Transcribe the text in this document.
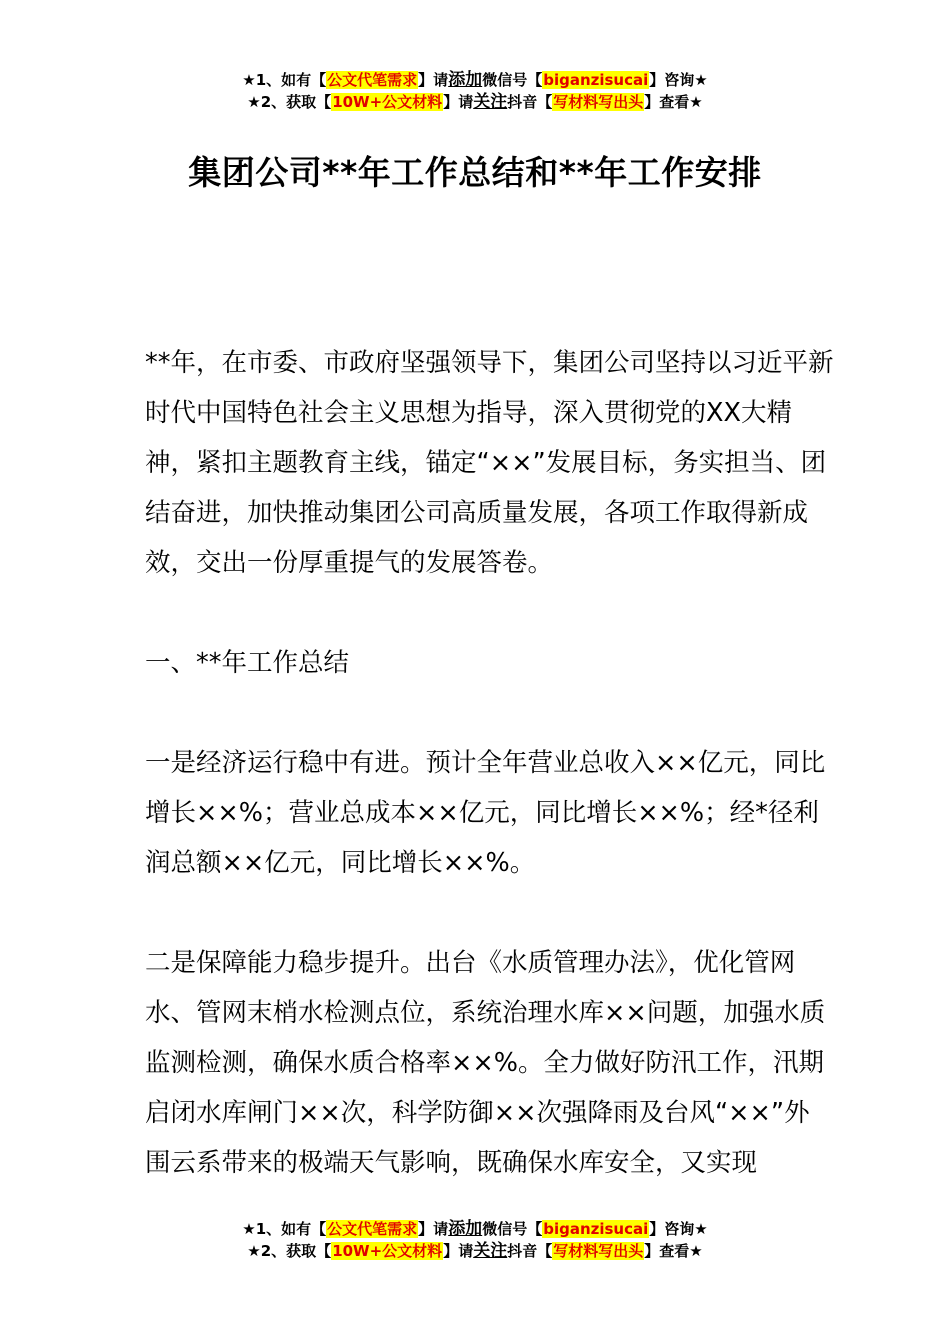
★1、如有【公文代笔需求】请添加微信号【biganzisucai】咨询★
★2、获取【10W+公文材料】请关注抖音【写材料写出头】查看★
集团公司**年工作总结和**年工作安排

**年，在市委、市政府坚强领导下，集团公司坚持以习近平新时代中国特色社会主义思想为指导，深入贯彻党的XX大精神，紧扣主题教育主线，锚定“××”发展目标，务实担当、团结奋进，加快推动集团公司高质量发展，各项工作取得新成效，交出一份厚重提气的发展答卷。

一、**年工作总结

一是经济运行稳中有进。预计全年营业总收入××亿元，同比增长××%；营业总成本××亿元，同比增长××%；经*径利润总额××亿元，同比增长××%。

二是保障能力稳步提升。出台《水质管理办法》，优化管网水、管网末梢水检测点位，系统治理水库××问题，加强水质监测检测，确保水质合格率××%。全力做好防汛工作，汛期启闭水库闸门××次，科学防御××次强降雨及台风“××”外围云系带来的极端天气影响，既确保水库安全，又实现

★1、如有【公文代笔需求】请添加微信号【biganzisucai】咨询★
★2、获取【10W+公文材料】请关注抖音【写材料写出头】查看★
